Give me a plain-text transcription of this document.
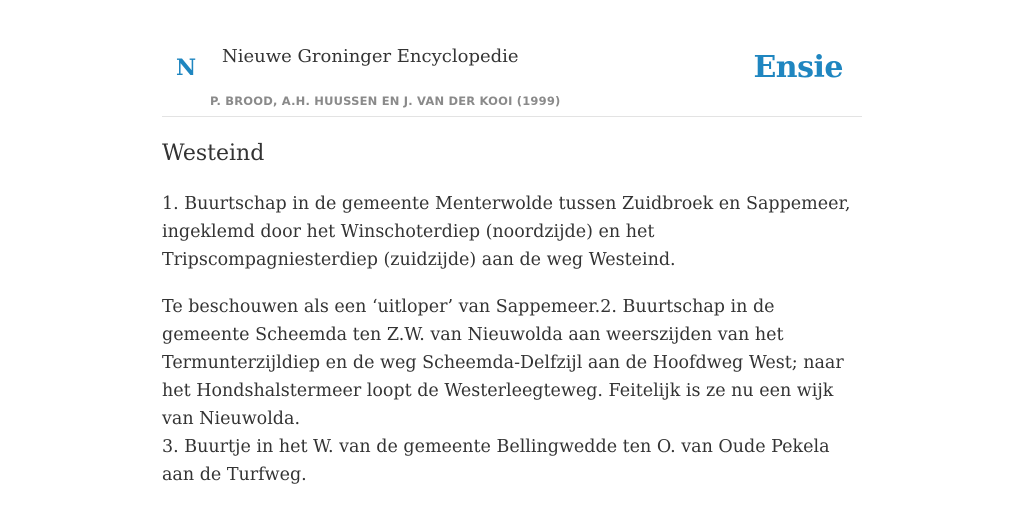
N Nieuwe Groninger Encyclopedie
P. BROOD, A.H. HUUSSEN EN J. VAN DER KOOI (1999)
Ensie
Westeind

1. Buurtschap in de gemeente Menterwolde tussen Zuidbroek en Sappemeer, ingeklemd door het Winschoterdiep (noordzijde) en het Tripscompagniesterdiep (zuidzijde) aan de weg Westeind.

Te beschouwen als een ‘uitloper’ van Sappemeer.2. Buurtschap in de gemeente Scheemda ten Z.W. van Nieuwolda aan weerszijden van het Termunterzijldiep en de weg Scheemda-Delfzijl aan de Hoofdweg West; naar het Hondshalstermeer loopt de Westerleegteweg. Feitelijk is ze nu een wijk van Nieuwolda.
3. Buurtje in het W. van de gemeente Bellingwedde ten O. van Oude Pekela aan de Turfweg.
